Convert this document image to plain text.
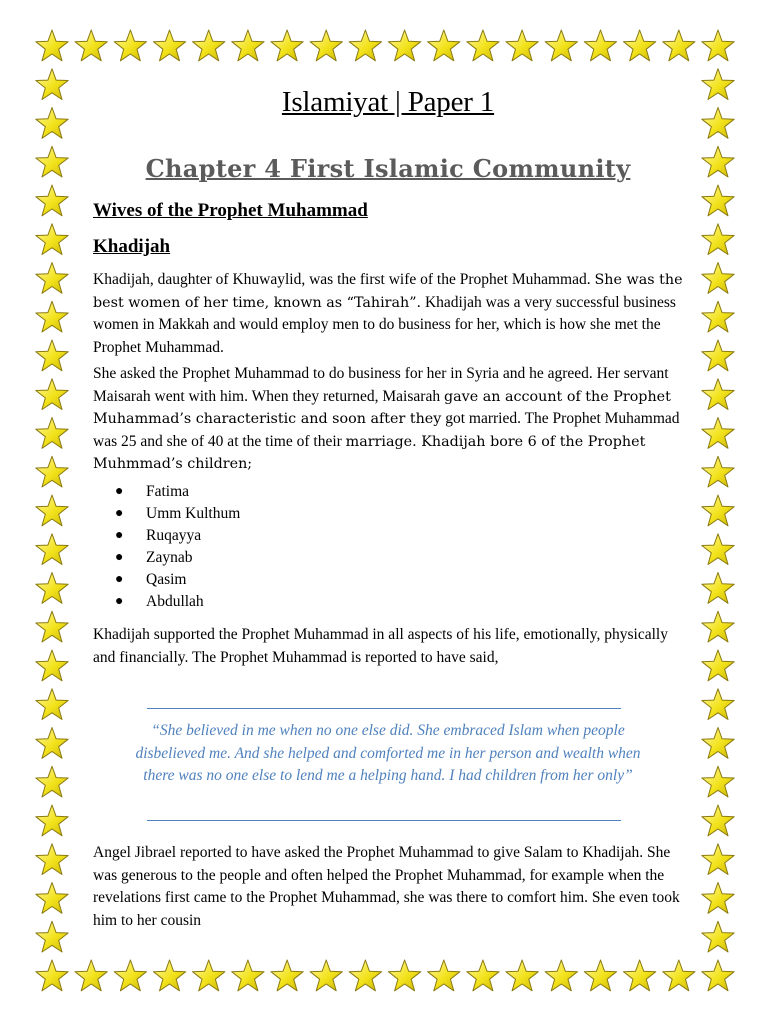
Islamiyat | Paper 1
Chapter 4 First Islamic Community
Wives of the Prophet Muhammad
Khadijah

Khadijah, daughter of Khuwaylid, was the first wife of the Prophet Muhammad. She was the best women of her time, known as “Tahirah”. Khadijah was a very successful business women in Makkah and would employ men to do business for her, which is how she met the Prophet Muhammad.

She asked the Prophet Muhammad to do business for her in Syria and he agreed. Her servant Maisarah went with him. When they returned, Maisarah gave an account of the Prophet Muhammad’s characteristic and soon after they got married. The Prophet Muhammad was 25 and she of 40 at the time of their marriage. Khadijah bore 6 of the Prophet Muhmmad’s children;

● Fatima
● Umm Kulthum
● Ruqayya
● Zaynab
● Qasim
● Abdullah

Khadijah supported the Prophet Muhammad in all aspects of his life, emotionally, physically and financially. The Prophet Muhammad is reported to have said,

“She believed in me when no one else did. She embraced Islam when people disbelieved me. And she helped and comforted me in her person and wealth when there was no one else to lend me a helping hand. I had children from her only”

Angel Jibrael reported to have asked the Prophet Muhammad to give Salam to Khadijah. She was generous to the people and often helped the Prophet Muhammad, for example when the revelations first came to the Prophet Muhammad, she was there to comfort him. She even took him to her cousin
